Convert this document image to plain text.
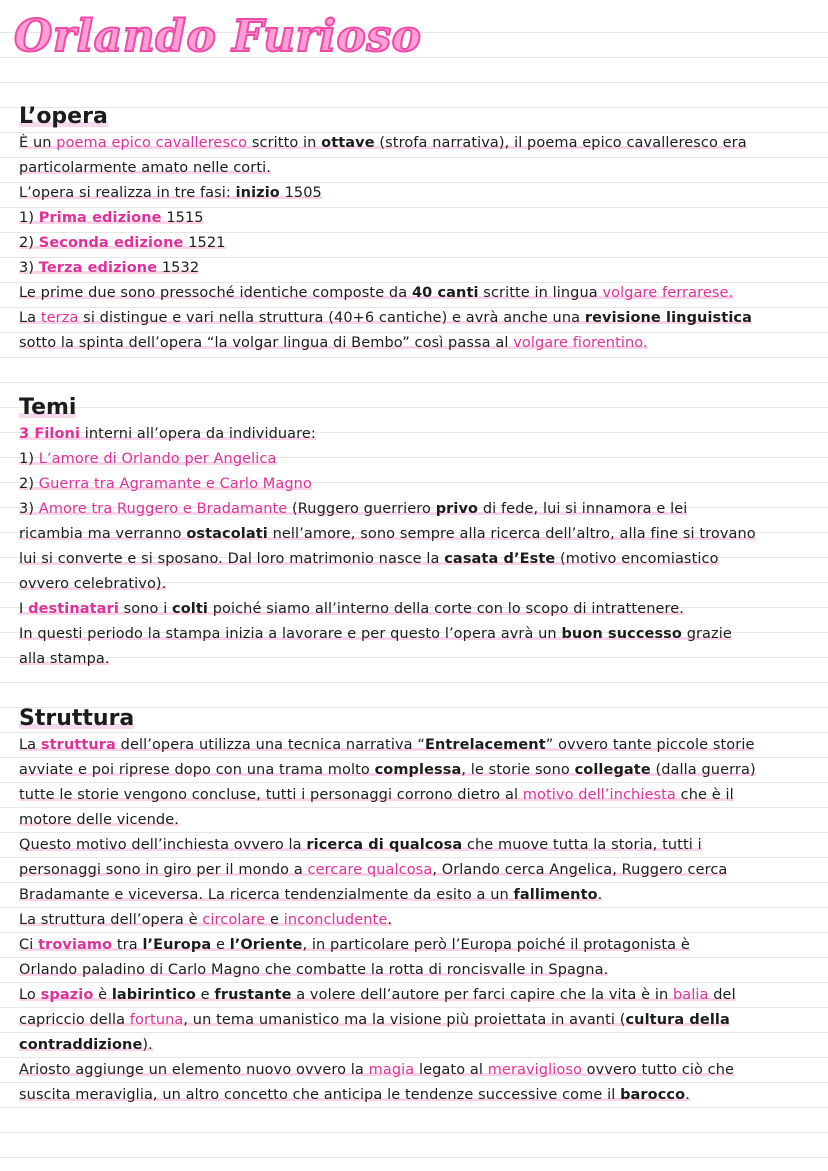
Orlando Furioso
L’opera

È un poema epico cavalleresco scritto in ottave (strofa narrativa), il poema epico cavalleresco era

particolarmente amato nelle corti.

L’opera si realizza in tre fasi: inizio 1505

1) Prima edizione 1515

2) Seconda edizione 1521

3) Terza edizione 1532

Le prime due sono pressoché identiche composte da 40 canti scritte in lingua volgare ferrarese.

La terza si distingue e vari nella struttura (40+6 cantiche) e avrà anche una revisione linguistica

sotto la spinta dell’opera “la volgar lingua di Bembo” così passa al volgare fiorentino.

Temi

3 Filoni interni all’opera da individuare:

1) L’amore di Orlando per Angelica

2) Guerra tra Agramante e Carlo Magno

3) Amore tra Ruggero e Bradamante (Ruggero guerriero privo di fede, lui si innamora e lei

ricambia ma verranno ostacolati nell’amore, sono sempre alla ricerca dell’altro, alla fine si trovano

lui si converte e si sposano. Dal loro matrimonio nasce la casata d’Este (motivo encomiastico

ovvero celebrativo).

I destinatari sono i colti poiché siamo all’interno della corte con lo scopo di intrattenere.

In questi periodo la stampa inizia a lavorare e per questo l’opera avrà un buon successo grazie

alla stampa.

Struttura

La struttura dell’opera utilizza una tecnica narrativa “Entrelacement” ovvero tante piccole storie

avviate e poi riprese dopo con una trama molto complessa, le storie sono collegate (dalla guerra)

tutte le storie vengono concluse, tutti i personaggi corrono dietro al motivo dell’inchiesta che è il

motore delle vicende.

Questo motivo dell’inchiesta ovvero la ricerca di qualcosa che muove tutta la storia, tutti i

personaggi sono in giro per il mondo a cercare qualcosa, Orlando cerca Angelica, Ruggero cerca

Bradamante e viceversa. La ricerca tendenzialmente da esito a un fallimento.

La struttura dell’opera è circolare e inconcludente.

Ci troviamo tra l’Europa e l’Oriente, in particolare però l’Europa poiché il protagonista è

Orlando paladino di Carlo Magno che combatte la rotta di roncisvalle in Spagna.

Lo spazio è labirintico e frustante a volere dell’autore per farci capire che la vita è in balia del

capriccio della fortuna, un tema umanistico ma la visione più proiettata in avanti (cultura della

contraddizione).

Ariosto aggiunge un elemento nuovo ovvero la magia legato al meraviglioso ovvero tutto ciò che

suscita meraviglia, un altro concetto che anticipa le tendenze successive come il barocco.
